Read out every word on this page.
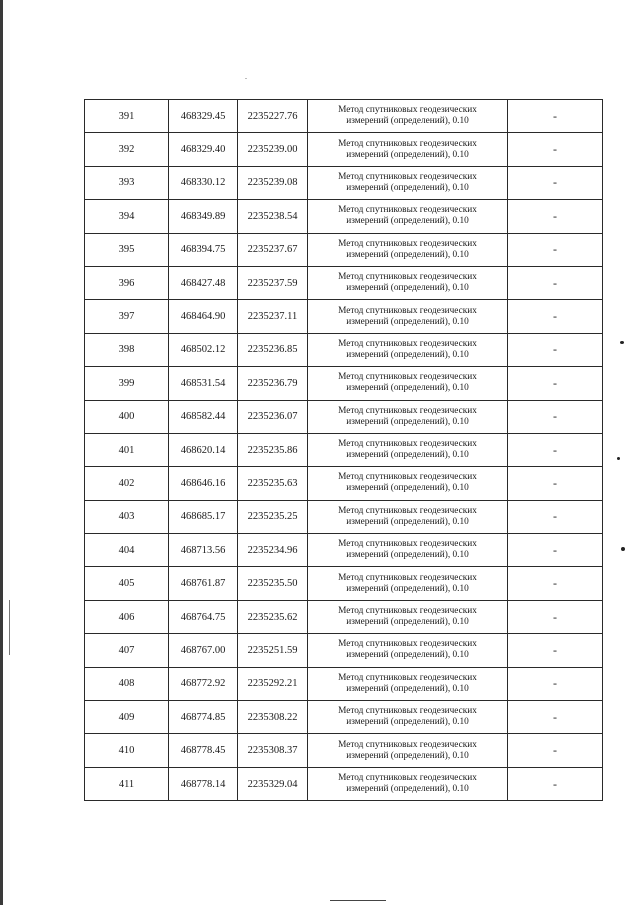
391	468329.45	2235227.76	Метод спутниковых геодезических
измерений (определений), 0.10	-
392	468329.40	2235239.00	Метод спутниковых геодезических
измерений (определений), 0.10	-
393	468330.12	2235239.08	Метод спутниковых геодезических
измерений (определений), 0.10	-
394	468349.89	2235238.54	Метод спутниковых геодезических
измерений (определений), 0.10	-
395	468394.75	2235237.67	Метод спутниковых геодезических
измерений (определений), 0.10	-
396	468427.48	2235237.59	Метод спутниковых геодезических
измерений (определений), 0.10	-
397	468464.90	2235237.11	Метод спутниковых геодезических
измерений (определений), 0.10	-
398	468502.12	2235236.85	Метод спутниковых геодезических
измерений (определений), 0.10	-
399	468531.54	2235236.79	Метод спутниковых геодезических
измерений (определений), 0.10	-
400	468582.44	2235236.07	Метод спутниковых геодезических
измерений (определений), 0.10	-
401	468620.14	2235235.86	Метод спутниковых геодезических
измерений (определений), 0.10	-
402	468646.16	2235235.63	Метод спутниковых геодезических
измерений (определений), 0.10	-
403	468685.17	2235235.25	Метод спутниковых геодезических
измерений (определений), 0.10	-
404	468713.56	2235234.96	Метод спутниковых геодезических
измерений (определений), 0.10	-
405	468761.87	2235235.50	Метод спутниковых геодезических
измерений (определений), 0.10	-
406	468764.75	2235235.62	Метод спутниковых геодезических
измерений (определений), 0.10	-
407	468767.00	2235251.59	Метод спутниковых геодезических
измерений (определений), 0.10	-
408	468772.92	2235292.21	Метод спутниковых геодезических
измерений (определений), 0.10	-
409	468774.85	2235308.22	Метод спутниковых геодезических
измерений (определений), 0.10	-
410	468778.45	2235308.37	Метод спутниковых геодезических
измерений (определений), 0.10	-
411	468778.14	2235329.04	Метод спутниковых геодезических
измерений (определений), 0.10	-
